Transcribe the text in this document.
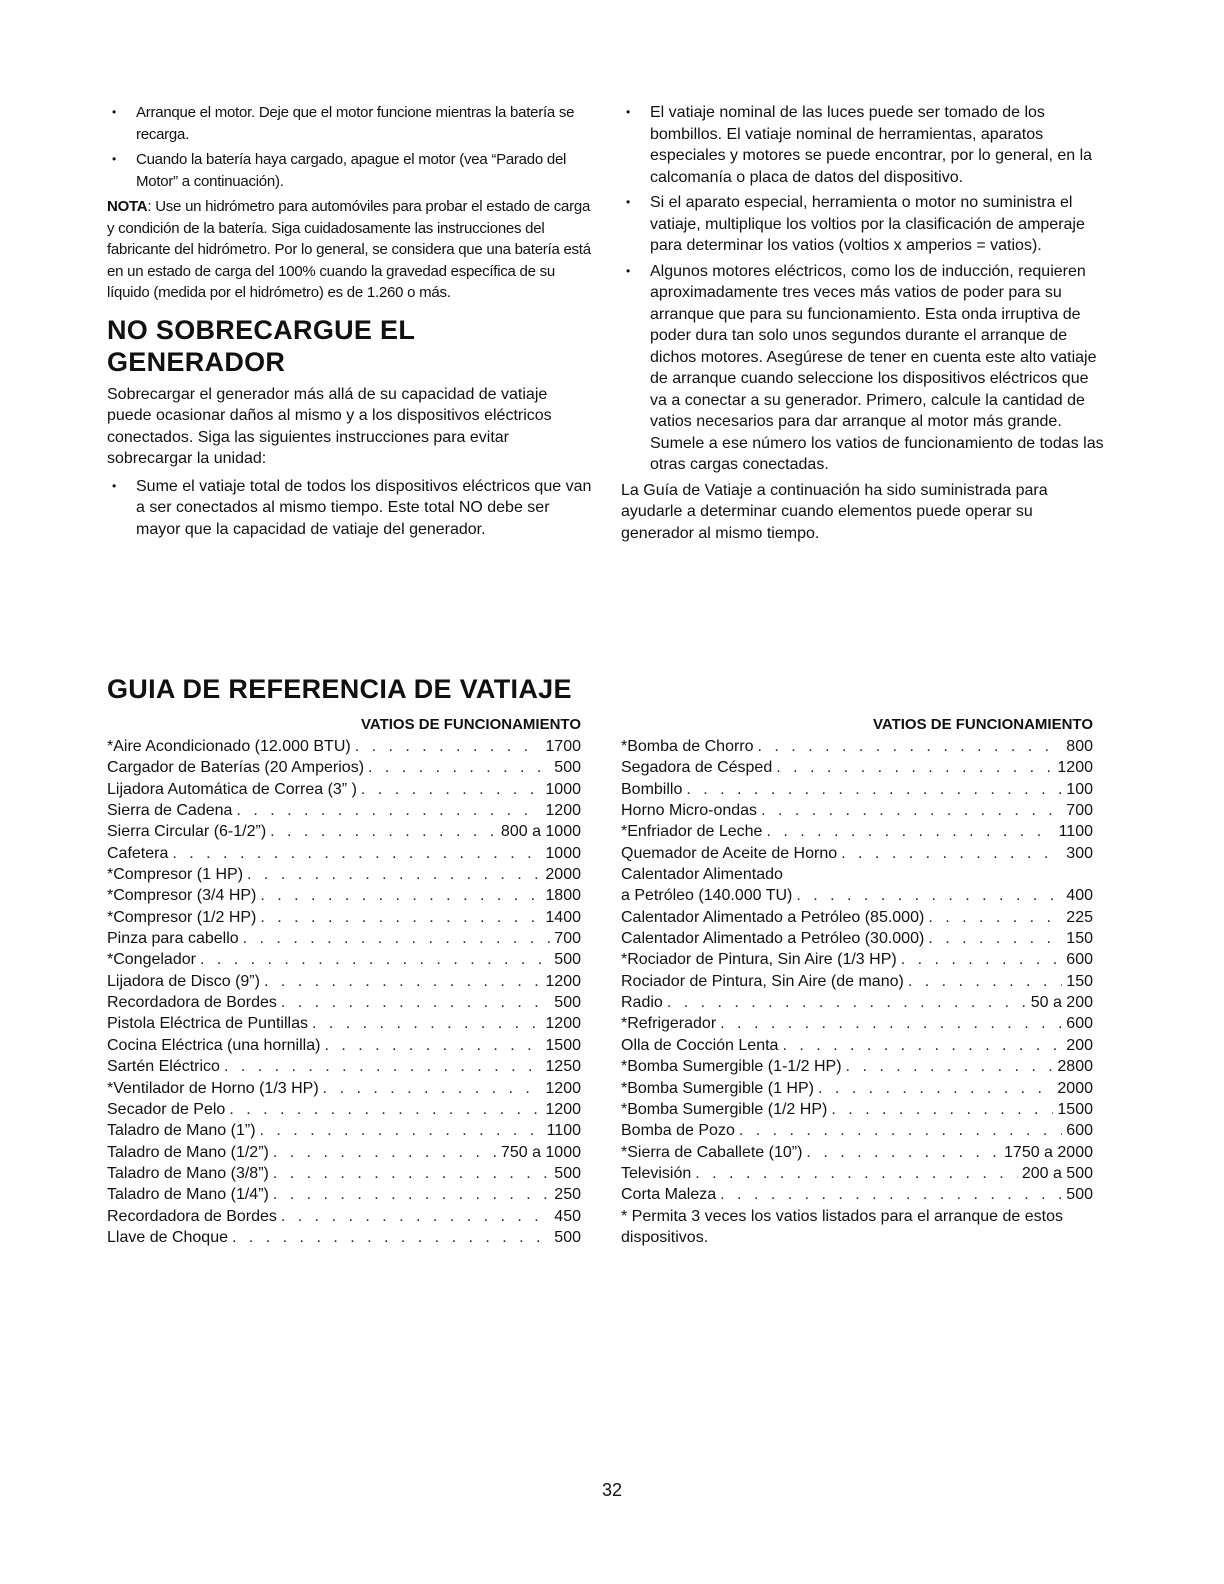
• Arranque el motor. Deje que el motor funcione mientras la batería se recarga.
• Cuando la batería haya cargado, apague el motor (vea “Parado del Motor” a continuación).

NOTA: Use un hidrómetro para automóviles para probar el estado de carga y condición de la batería. Siga cuidadosamente las instrucciones del fabricante del hidrómetro. Por lo general, se considera que una batería está en un estado de carga del 100% cuando la gravedad específica de su líquido (medida por el hidrómetro) es de 1.260 o más.

NO SOBRECARGUE EL GENERADOR

Sobrecargar el generador más allá de su capacidad de vatiaje puede ocasionar daños al mismo y a los dispositivos eléctricos conectados. Siga las siguientes instrucciones para evitar sobrecargar la unidad:

• Sume el vatiaje total de todos los dispositivos eléctricos que van a ser conectados al mismo tiempo. Este total NO debe ser mayor que la capacidad de vatiaje del generador.
• El vatiaje nominal de las luces puede ser tomado de los bombillos. El vatiaje nominal de herramientas, aparatos especiales y motores se puede encontrar, por lo general, en la calcomanía o placa de datos del dispositivo.
• Si el aparato especial, herramienta o motor no suministra el vatiaje, multiplique los voltios por la clasificación de amperaje para determinar los vatios (voltios x amperios = vatios).
• Algunos motores eléctricos, como los de inducción, requieren aproximadamente tres veces más vatios de poder para su arranque que para su funcionamiento. Esta onda irruptiva de poder dura tan solo unos segundos durante el arranque de dichos motores. Asegúrese de tener en cuenta este alto vatiaje de arranque cuando seleccione los dispositivos eléctricos que va a conectar a su generador. Primero, calcule la cantidad de vatios necesarios para dar arranque al motor más grande. Sumele a ese número los vatios de funcionamiento de todas las otras cargas conectadas.

La Guía de Vatiaje a continuación ha sido suministrada para ayudarle a determinar cuando elementos puede operar su generador al mismo tiempo.

GUIA DE REFERENCIA DE VATIAJE
VATIOS DE FUNCIONAMIENTO
*Aire Acondicionado (12.000 BTU) . . .	1700
Cargador de Baterías (20 Amperios) . . .	500
Lijadora Automática de Correa (3” ) . . .	1000
Sierra de Cadena . . .	1200
Sierra Circular (6-1/2”) . . .	800 a 1000
Cafetera . . .	1000
*Compresor (1 HP) . . .	2000
*Compresor (3/4 HP) . . .	1800
*Compresor (1/2 HP) . . .	1400
Pinza para cabello . . .	700
*Congelador . . .	500
Lijadora de Disco (9”) . . .	1200
Recordadora de Bordes . . .	500
Pistola Eléctrica de Puntillas . . .	1200
Cocina Eléctrica (una hornilla) . . .	1500
Sartén Eléctrico . . .	1250
*Ventilador de Horno (1/3 HP) . . .	1200
Secador de Pelo . . .	1200
Taladro de Mano (1”) . . .	1100
Taladro de Mano (1/2”) . . .	750 a 1000
Taladro de Mano (3/8”) . . .	500
Taladro de Mano (1/4”) . . .	250
Recordadora de Bordes . . .	450
Llave de Choque . . .	500
VATIOS DE FUNCIONAMIENTO
*Bomba de Chorro . . .	800
Segadora de Césped . . .	1200
Bombillo . . .	100
Horno Micro-ondas . . .	700
*Enfriador de Leche . . .	1100
Quemador de Aceite de Horno . . .	300
Calentador Alimentado
a Petróleo (140.000 TU) . . .	400
Calentador Alimentado a Petróleo (85.000) . . .	225
Calentador Alimentado a Petróleo (30.000) . . .	150
*Rociador de Pintura, Sin Aire (1/3 HP) . . .	600
Rociador de Pintura, Sin Aire (de mano) . . .	150
Radio . . .	50 a 200
*Refrigerador . . .	600
Olla de Cocción Lenta . . .	200
*Bomba Sumergible (1-1/2 HP) . . .	2800
*Bomba Sumergible (1 HP) . . .	2000
*Bomba Sumergible (1/2 HP) . . .	1500
Bomba de Pozo . . .	600
*Sierra de Caballete (10”) . . .	1750 a 2000
Televisión . . .	200 a 500
Corta Maleza . . .	500
* Permita 3 veces los vatios listados para el arranque de estos dispositivos.
32
